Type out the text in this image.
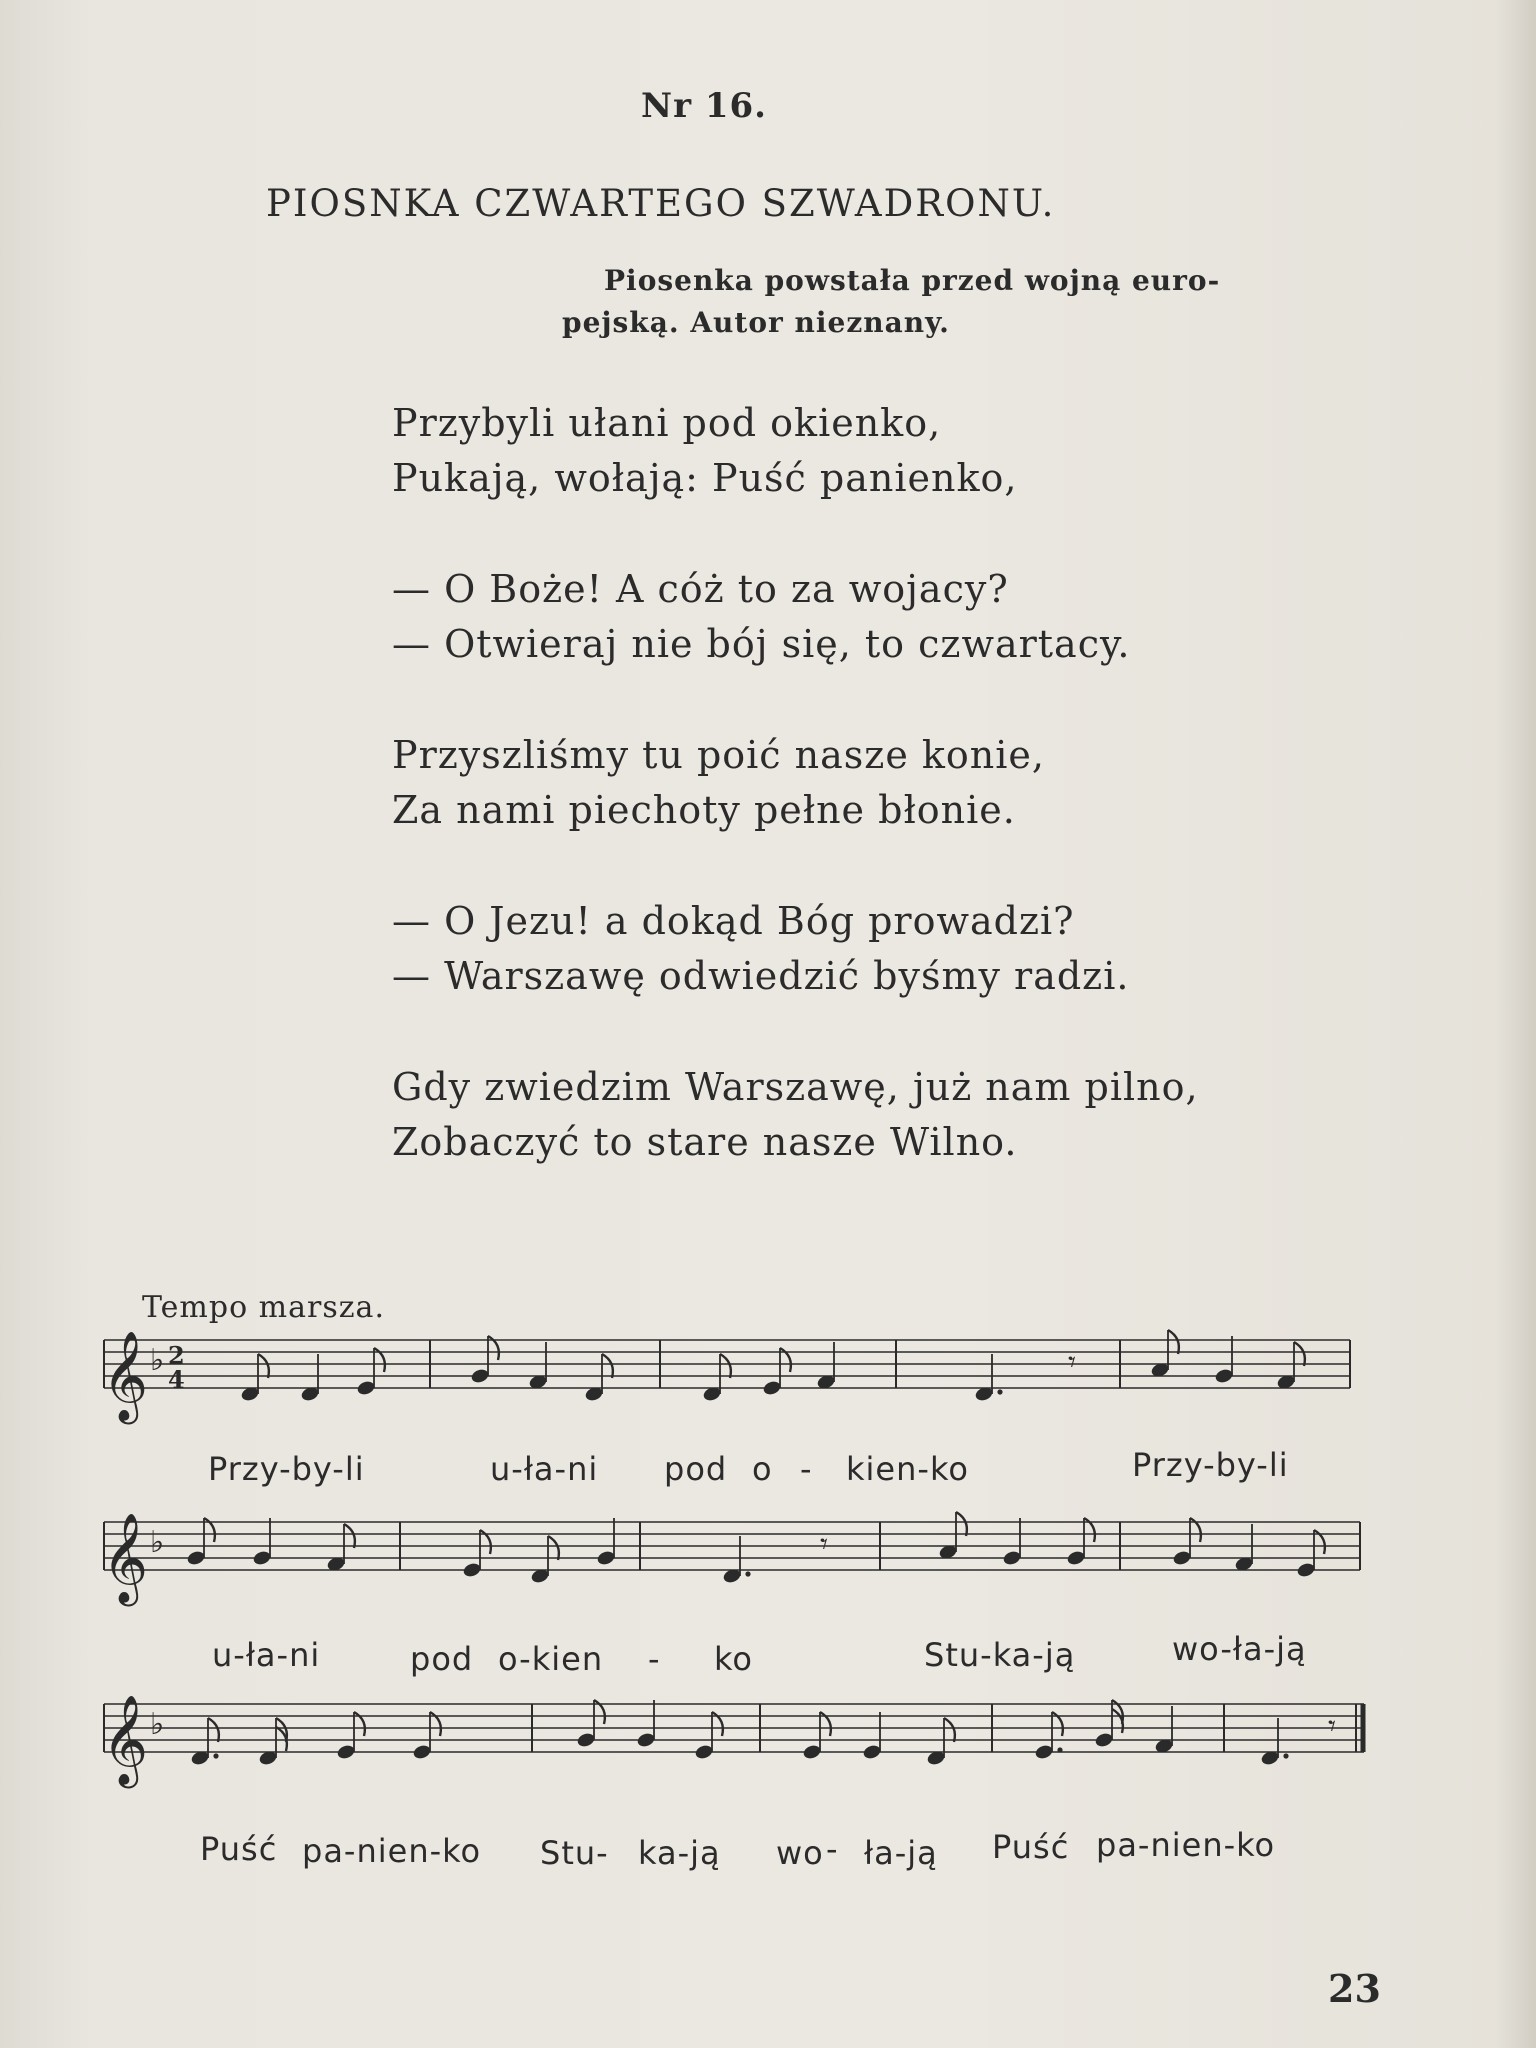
Nr 16.
PIOSNKA CZWARTEGO SZWADRONU.
Piosenka powstała przed wojną euro-
pejską. Autor nieznany.
Przybyli ułani pod okienko,
Pukają, wołają: Puść panienko,
— O Boże! A cóż to za wojacy?
— Otwieraj nie bój się, to czwartacy.
Przyszliśmy tu poić nasze konie,
Za nami piechoty pełne błonie.
— O Jezu! a dokąd Bóg prowadzi?
— Warszawę odwiedzić byśmy radzi.
Gdy zwiedzim Warszawę, już nam pilno,
Zobaczyć to stare nasze Wilno.
Tempo marsza.
𝄞 ♭ 2
4	𝄾
Przy-by-li	u-ła-ni pod o - kien-ko	Przy-by-li
𝄞 ♭	𝄾
u-ła-ni	pod o-kien - ko	Stu-ka-ją	wo-ła-ją
𝄞 ♭	𝄾
Puść pa-nien-ko Stu- ka-ją wo - ła-ją Puść pa-nien-ko
23
